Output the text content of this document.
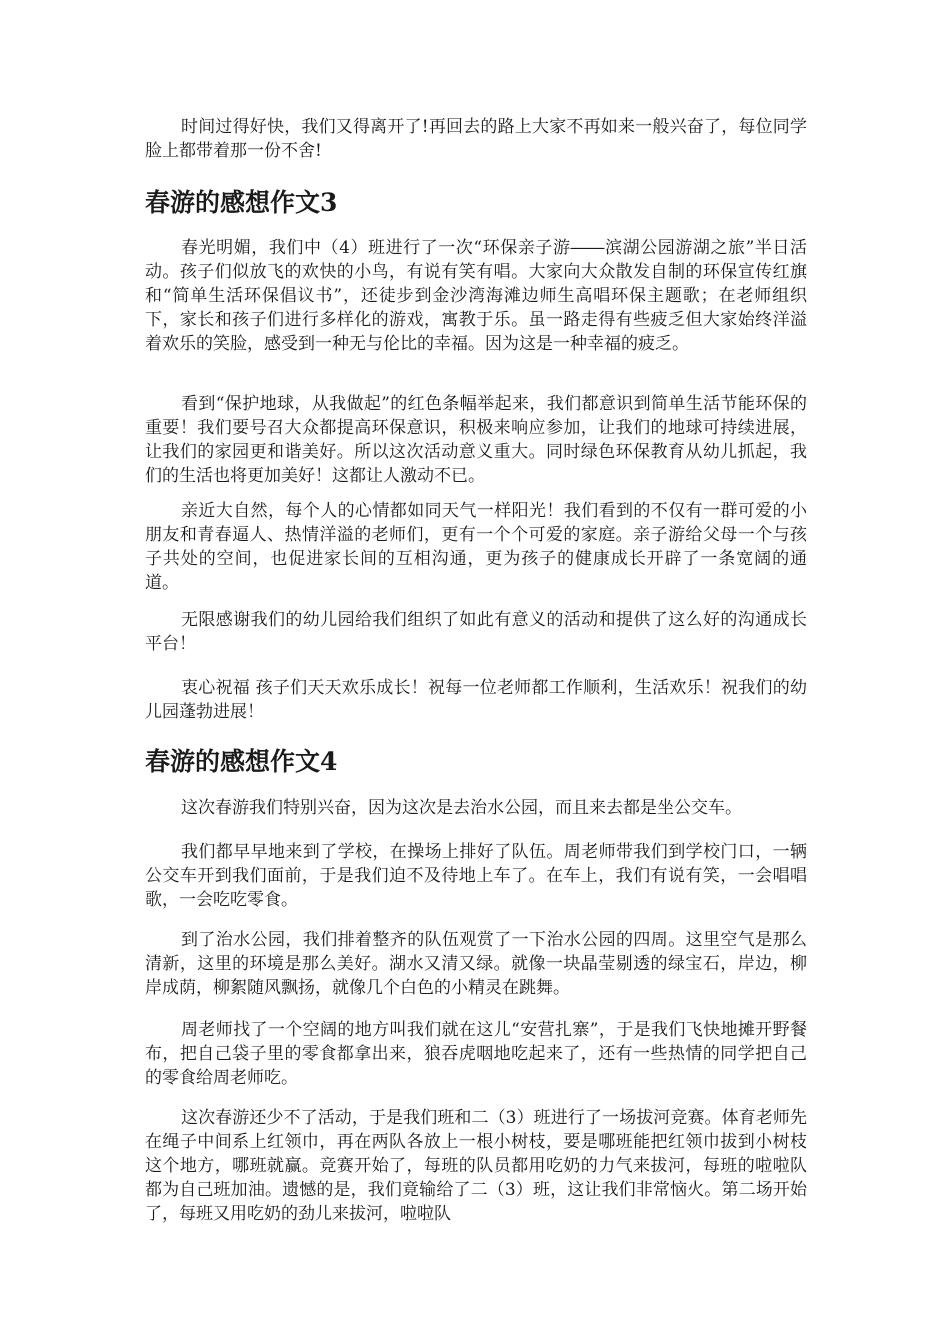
时间过得好快，我们又得离开了!再回去的路上大家不再如来一般兴奋了，每位同学脸上都带着那一份不舍!

春游的感想作文3

春光明媚，我们中（4）班进行了一次“环保亲子游――滨湖公园游湖之旅”半日活动。孩子们似放飞的欢快的小鸟，有说有笑有唱。大家向大众散发自制的环保宣传红旗和“简单生活环保倡议书”，还徒步到金沙湾海滩边师生高唱环保主题歌；在老师组织下，家长和孩子们进行多样化的游戏，寓教于乐。虽一路走得有些疲乏但大家始终洋溢着欢乐的笑脸，感受到一种无与伦比的幸福。因为这是一种幸福的疲乏。

看到“保护地球，从我做起”的红色条幅举起来，我们都意识到简单生活节能环保的重要！我们要号召大众都提高环保意识，积极来响应参加，让我们的地球可持续进展，让我们的家园更和谐美好。所以这次活动意义重大。同时绿色环保教育从幼儿抓起，我们的生活也将更加美好！这都让人激动不已。

亲近大自然，每个人的心情都如同天气一样阳光！我们看到的不仅有一群可爱的小朋友和青春逼人、热情洋溢的老师们，更有一个个可爱的家庭。亲子游给父母一个与孩子共处的空间，也促进家长间的互相沟通，更为孩子的健康成长开辟了一条宽阔的通道。

无限感谢我们的幼儿园给我们组织了如此有意义的活动和提供了这么好的沟通成长平台！

衷心祝福 孩子们天天欢乐成长！祝每一位老师都工作顺利，生活欢乐！祝我们的幼儿园蓬勃进展！

春游的感想作文4

这次春游我们特别兴奋，因为这次是去治水公园，而且来去都是坐公交车。

我们都早早地来到了学校，在操场上排好了队伍。周老师带我们到学校门口，一辆公交车开到我们面前，于是我们迫不及待地上车了。在车上，我们有说有笑，一会唱唱歌，一会吃吃零食。

到了治水公园，我们排着整齐的队伍观赏了一下治水公园的四周。这里空气是那么清新，这里的环境是那么美好。湖水又清又绿。就像一块晶莹剔透的绿宝石，岸边，柳岸成荫，柳絮随风飘扬，就像几个白色的小精灵在跳舞。

周老师找了一个空阔的地方叫我们就在这儿“安营扎寨”，于是我们飞快地摊开野餐布，把自己袋子里的零食都拿出来，狼吞虎咽地吃起来了，还有一些热情的同学把自己的零食给周老师吃。

这次春游还少不了活动，于是我们班和二（3）班进行了一场拔河竞赛。体育老师先在绳子中间系上红领巾，再在两队各放上一根小树枝，要是哪班能把红领巾拔到小树枝这个地方，哪班就赢。竞赛开始了，每班的队员都用吃奶的力气来拔河，每班的啦啦队都为自己班加油。遗憾的是，我们竟输给了二（3）班，这让我们非常恼火。第二场开始了，每班又用吃奶的劲儿来拔河，啦啦队
